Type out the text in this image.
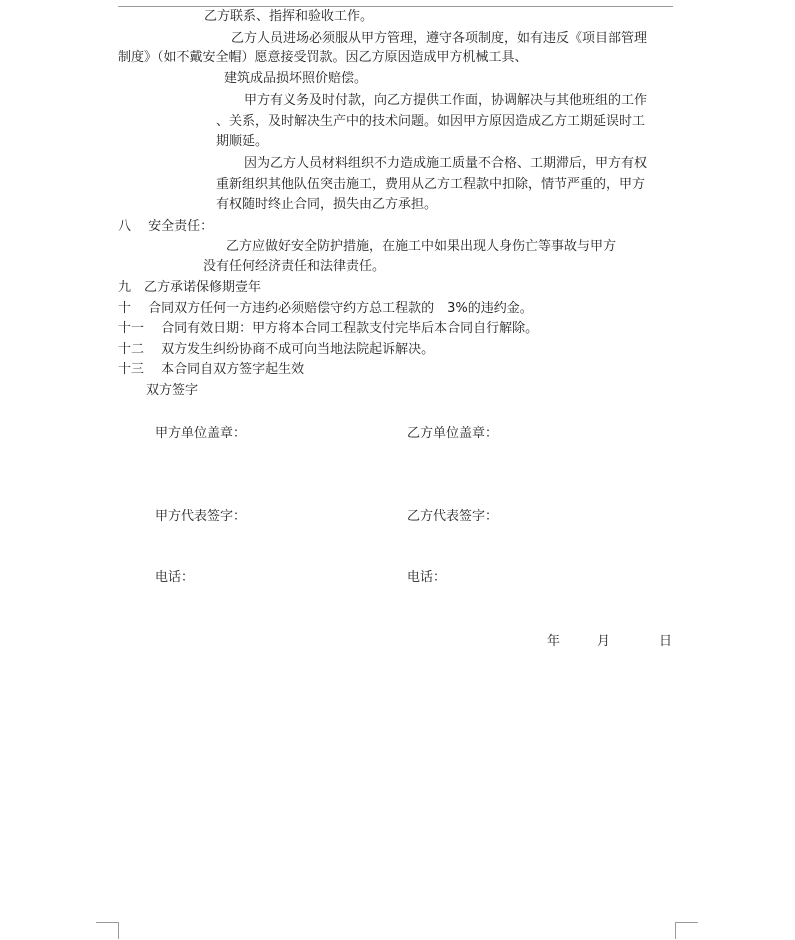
乙方联系、指挥和验收工作。
乙方人员进场必须服从甲方管理，遵守各项制度，如有违反《项目部管理
制度》（如不戴安全帽）愿意接受罚款。因乙方原因造成甲方机械工具、
建筑成品损坏照价赔偿。
甲方有义务及时付款，向乙方提供工作面，协调解决与其他班组的工作
、关系，及时解决生产中的技术问题。如因甲方原因造成乙方工期延误时工
期顺延。
因为乙方人员材料组织不力造成施工质量不合格、工期滞后，甲方有权
重新组织其他队伍突击施工，费用从乙方工程款中扣除，情节严重的，甲方
有权随时终止合同，损失由乙方承担。
八　 安全责任：
乙方应做好安全防护措施，在施工中如果出现人身伤亡等事故与甲方
没有任何经济责任和法律责任。
九　乙方承诺保修期壹年
十　 合同双方任何一方违约必须赔偿守约方总工程款的　3%的违约金。
十一　 合同有效日期：甲方将本合同工程款支付完毕后本合同自行解除。
十二　 双方发生纠纷协商不成可向当地法院起诉解决。
十三　 本合同自双方签字起生效
双方签字
甲方单位盖章：	乙方单位盖章：
甲方代表签字：	乙方代表签字：
电话：	电话：
年	月	日
